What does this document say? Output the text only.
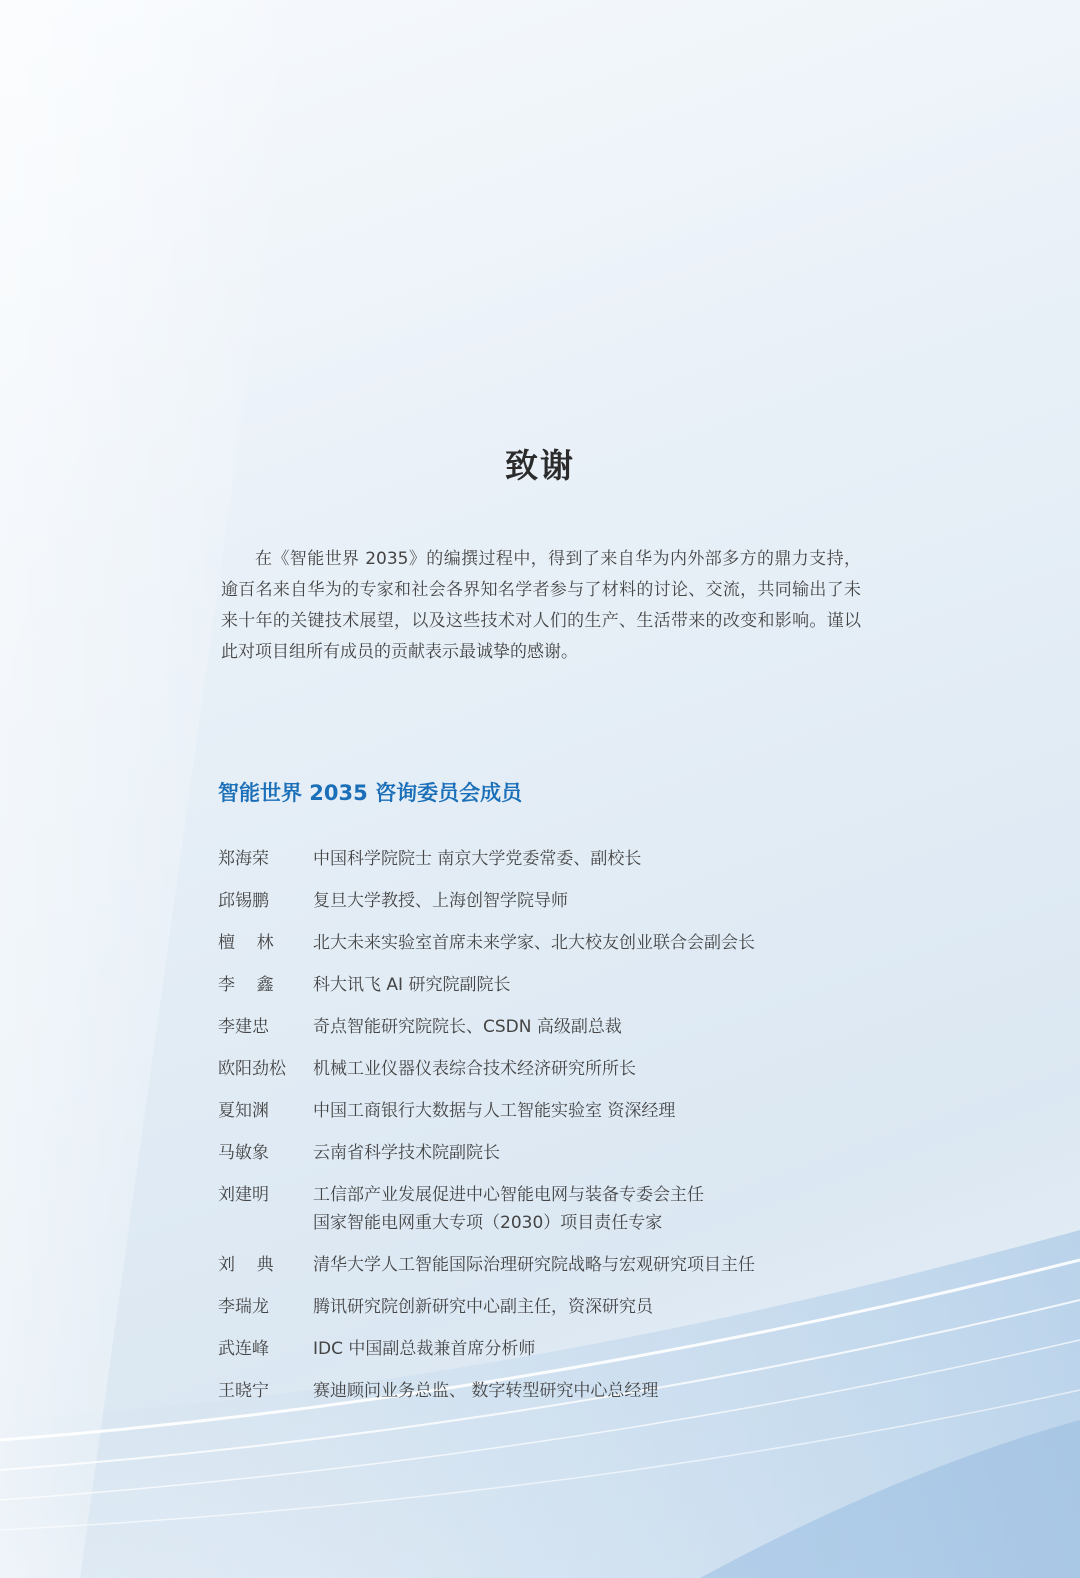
致谢
在《智能世界 2035》的编撰过程中，得到了来自华为内外部多方的鼎力支持，逾百名来自华为的专家和社会各界知名学者参与了材料的讨论、交流，共同输出了未来十年的关键技术展望，以及这些技术对人们的生产、生活带来的改变和影响。谨以此对项目组所有成员的贡献表示最诚挚的感谢。
智能世界 2035 咨询委员会成员
郑海荣	中国科学院院士 南京大学党委常委、副校长
邱锡鹏	复旦大学教授、上海创智学院导师
檀    林	北大未来实验室首席未来学家、北大校友创业联合会副会长
李    鑫	科大讯飞 AI 研究院副院长
李建忠	奇点智能研究院院长、CSDN 高级副总裁
欧阳劲松	机械工业仪器仪表综合技术经济研究所所长
夏知渊	中国工商银行大数据与人工智能实验室 资深经理
马敏象	云南省科学技术院副院长
刘建明	工信部产业发展促进中心智能电网与装备专委会主任
国家智能电网重大专项（2030）项目责任专家
刘    典	清华大学人工智能国际治理研究院战略与宏观研究项目主任
李瑞龙	腾讯研究院创新研究中心副主任，资深研究员
武连峰	IDC 中国副总裁兼首席分析师
王晓宁	赛迪顾问业务总监、 数字转型研究中心总经理
